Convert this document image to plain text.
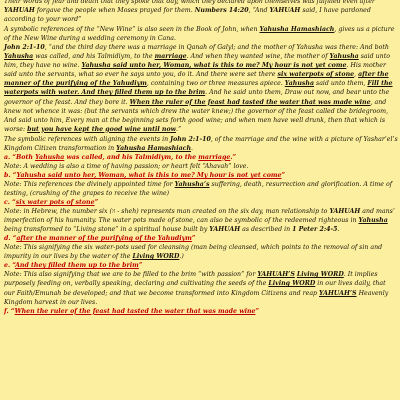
Their words of fear and death that they spoke that day, which they declared upon themselves was fulfilled even after YAHUAH forgave the people when Moses prayed for them. Numbers 14:20, “And YAHUAH said, I have pardoned according to your word”

A symbolic references of the “New Wine” is also seen in the Book of John, when Yahusha Hamashiach, gives us a picture of the New Wine during a wedding ceremony in Cana.

John 2:1-10, “and the third day there was a marriage in Qanah of Galyl; and the mother of Yahusha was there: And both Yahusha was called, and his Talmidiym, to the marriage. And when they wanted wine, the mother of Yahusha said unto him, they have no wine. Yahusha said unto her, Woman, what is this to me? My hour is not yet come. His mother said unto the servants, what so ever he says unto you, do it. And there were set there six waterpots of stone, after the manner of the purifying of the Yahudiym, containing two or three measures apiece. Yahusha said unto them, Fill the waterpots with water. And they filled them up to the brim. And he said unto them, Draw out now, and bear unto the governor of the feast. And they bore it. When the ruler of the feast had tasted the water that was made wine, and knew not whence it was: (but the servants which drew the water knew;) the governor of the feast called the bridegroom, And said unto him, Every man at the beginning sets forth good wine; and when men have well drunk, then that which is worse: but you have kept the good wine until now.”

The symbolic references with aligning the events in John 2:1-10, of the marriage and the wine with a picture of Yashar’el’s Kingdom Citizen transformation in Yahusha Hamashiach.

a. “Both Yahusha was called, and his Talmidiym, to the marriage.”

Note: A wedding is also a time of having passion; or heart felt “Ahavah” love.

b. “Yahusha said unto her, Woman, what is this to me? My hour is not yet come”

Note: This references the divinely appointed time for Yahusha’s suffering, death, resurrection and glorification. A time of testing, (crushing of the grapes to receive the wine)

c. “six water pots of stone”

Note: in Hebrew, the number six (וו - sheh) represents man created on the six day, man relationship to YAHUAH and mans’ imperfection of his humanity. The water pots made of stone, can also be symbolic of the redeemed righteous in Yahusha being transformed to “Living stone” in a spiritual house built by YAHUAH as described in 1 Peter 2:4-5.

d. “after the manner of the purifying of the Yahudiym”

Note: This signifying the six water-pots used for cleansing (man being cleansed, which points to the removal of sin and impurity in our lives by the water of the Living WORD.)

e. “And they filled them up to the brim”

Note: This also signifying that we are to be filled to the brim “with passion” for YAHUAH’S Living WORD. It implies purposely feeding on, verbally speaking, declaring and cultivating the seeds of the Living WORD in our lives daily, that our Faith/Emunah be developed; and that we become transformed into Kingdom Citizens and reap YAHUAH’S Heavenly Kingdom harvest in our lives.

f. “When the ruler of the feast had tasted the water that was made wine”
